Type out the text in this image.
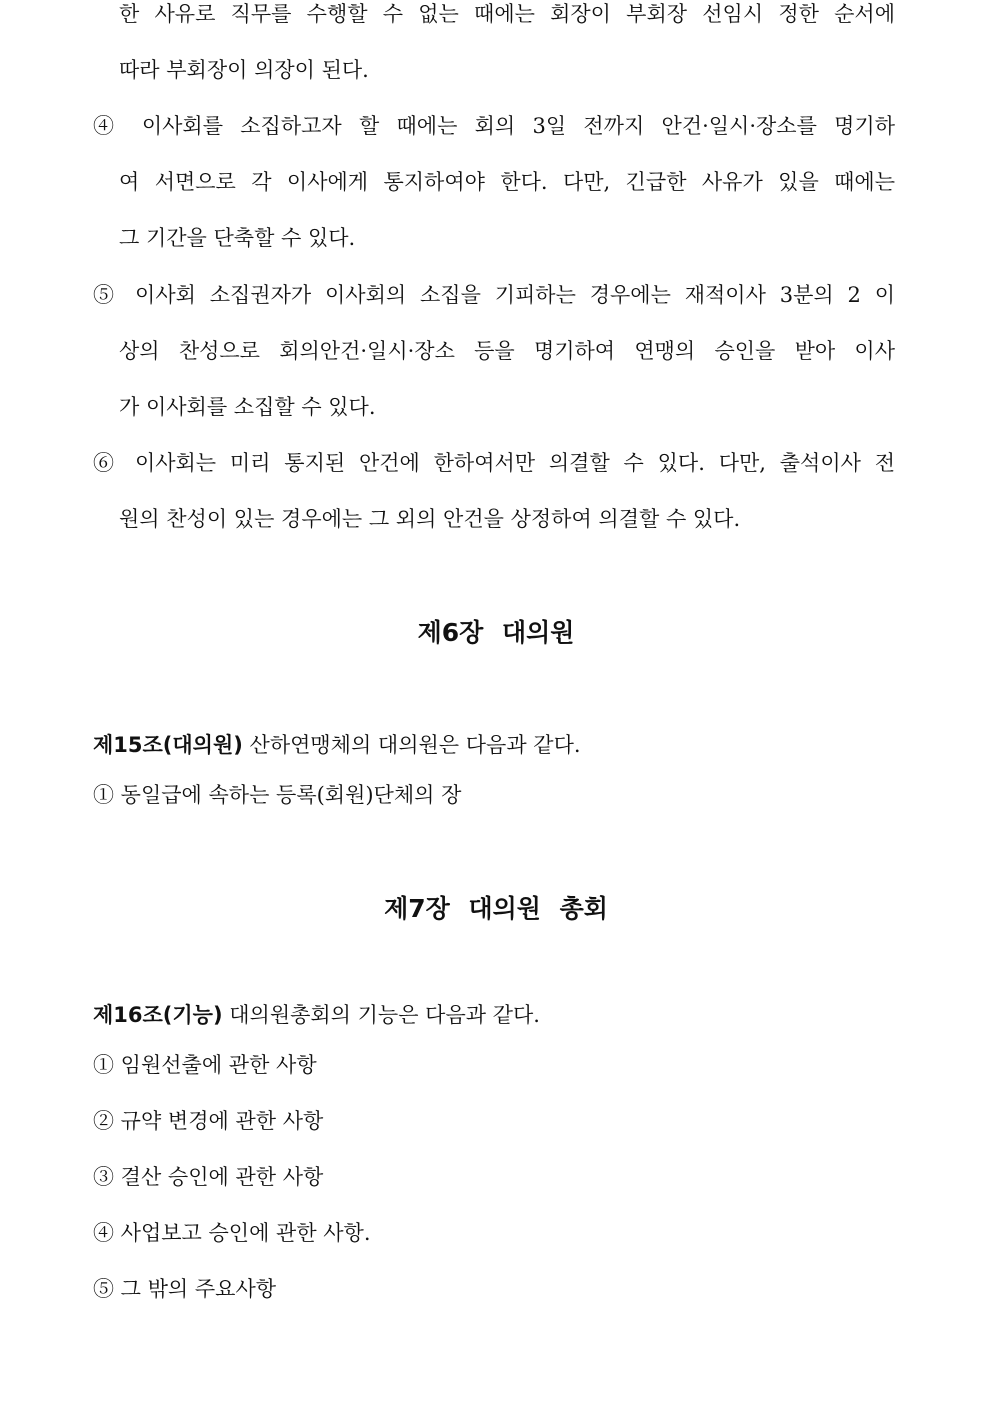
한 사유로 직무를 수행할 수 없는 때에는 회장이 부회장 선임시 정한 순서에
따라 부회장이 의장이 된다.
④ 이사회를 소집하고자 할 때에는 회의 3일 전까지 안건·일시·장소를 명기하
여 서면으로 각 이사에게 통지하여야 한다. 다만, 긴급한 사유가 있을 때에는
그 기간을 단축할 수 있다.
⑤ 이사회 소집권자가 이사회의 소집을 기피하는 경우에는 재적이사 3분의 2 이
상의 찬성으로 회의안건·일시·장소 등을 명기하여 연맹의 승인을 받아 이사
가 이사회를 소집할 수 있다.
⑥ 이사회는 미리 통지된 안건에 한하여서만 의결할 수 있다. 다만, 출석이사 전
원의 찬성이 있는 경우에는 그 외의 안건을 상정하여 의결할 수 있다.
제6장 대의원
제15조(대의원) 산하연맹체의 대의원은 다음과 같다.
① 동일급에 속하는 등록(회원)단체의 장
제7장 대의원 총회
제16조(기능) 대의원총회의 기능은 다음과 같다.
① 임원선출에 관한 사항
② 규약 변경에 관한 사항
③ 결산 승인에 관한 사항
④ 사업보고 승인에 관한 사항.
⑤ 그 밖의 주요사항
